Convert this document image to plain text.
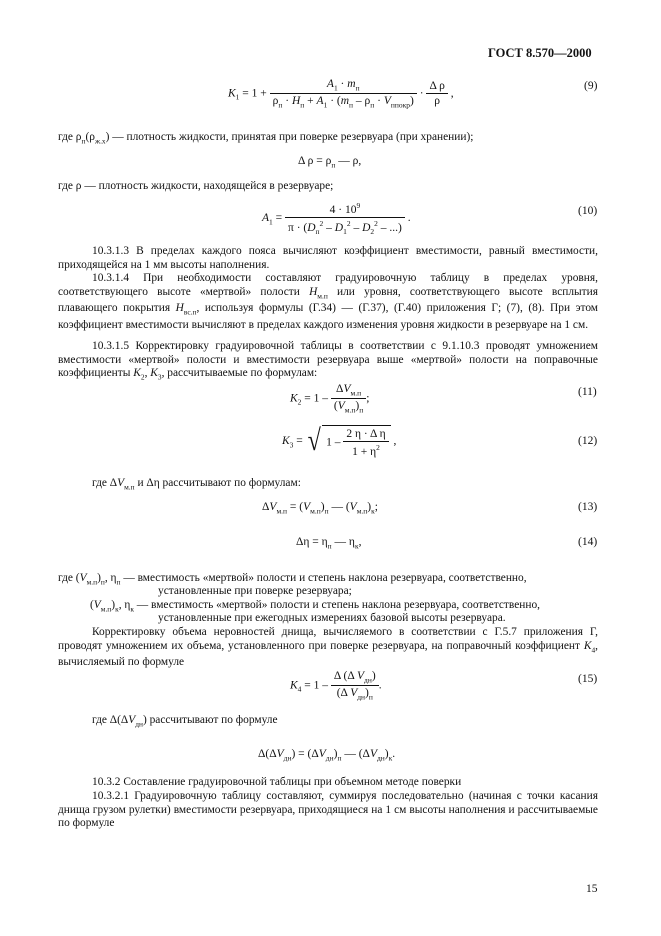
ГОСТ 8.570—2000
$K_1 = 1 + \frac{A_1 \cdot m_п}{\rho_п \cdot H_п + A_1 \cdot (m_п - \rho_п \cdot V_{ппокр})} \cdot \frac{\text{Δ ρ}}{\rho}$ ,
(9)
где $\rho_п(\rho_{ж.х})$ — плотность жидкости, принятая при поверке резервуара (при хранении);
Δ $\rho = \rho_п$ — ρ,
где ρ — плотность жидкости, находящейся в резервуаре;
$A_1 = \frac{4 \cdot 10^9}{\pi \cdot (D_п^2 - D_1^2 - D_2^2 - ...)}$ .
(10)
10.3.1.3 В пределах каждого пояса вычисляют коэффициент вместимости, равный вместимости, приходящейся на 1 мм высоты наполнения.
10.3.1.4 При необходимости составляют градуировочную таблицу в пределах уровня, соответствующего высоте «мертвой» полости $H_{м.п}$ или уровня, соответствующего высоте всплытия плавающего покрытия $H_{вс.п}$, используя формулы (Г.34) — (Г.37), (Г.40) приложения Г; (7), (8). При этом коэффициент вместимости вычисляют в пределах каждого изменения уровня жидкости в резервуаре на 1 см.
10.3.1.5 Корректировку градуировочной таблицы в соответствии с 9.1.10.3 проводят умножением вместимости «мертвой» полости и вместимости резервуара выше «мертвой» полости на поправочные коэффициенты $K_2$, $K_3$, рассчитываемые по формулам:
$K_2 = 1 - \frac{\Delta V_{м.п}}{(V_{м.п})_п}$ ;
(11)
$K_3$ = √ $1 - \frac{\text{2 η · Δ η}}{1 + \eta^2}$ ,	(12)
где $\Delta V_{м.п}$ и Δη рассчитывают по формулам:
$\Delta V_{м.п} = (V_{м.п})_п$ — $(V_{м.п})_к$;	(13)
$\Delta\eta = \eta_п$ — $\eta_к$,	(14)
где $(V_{м.п})_п$, $\eta_п$ — вместимость «мертвой» полости и степень наклона резервуара, соответственно,
установленные при поверке резервуара;
$(V_{м.п})_к$, $\eta_к$ — вместимость «мертвой» полости и степень наклона резервуара, соответственно,
установленные при ежегодных измерениях базовой высоты резервуара.
Корректировку объема неровностей днища, вычисляемого в соответствии с Г.5.7 приложения Г, проводят умножением их объема, установленного при поверке резервуара, на поправочный коэффициент $K_4$, вычисляемый по формуле
$K_4 = 1 - \frac{\Delta (\Delta V_{дн})}{(\Delta V_{дн})_п}$ .
(15)
где $\Delta(\Delta V_{дн})$ рассчитывают по формуле
$\Delta(\Delta V_{дн}) = (\Delta V_{дн})_п$ — $(\Delta V_{дн})_к$.
10.3.2 Составление градуировочной таблицы при объемном методе поверки
10.3.2.1 Градуировочную таблицу составляют, суммируя последовательно (начиная с точки касания днища грузом рулетки) вместимости резервуара, приходящиеся на 1 см высоты наполнения и рассчитываемые по формуле
15
